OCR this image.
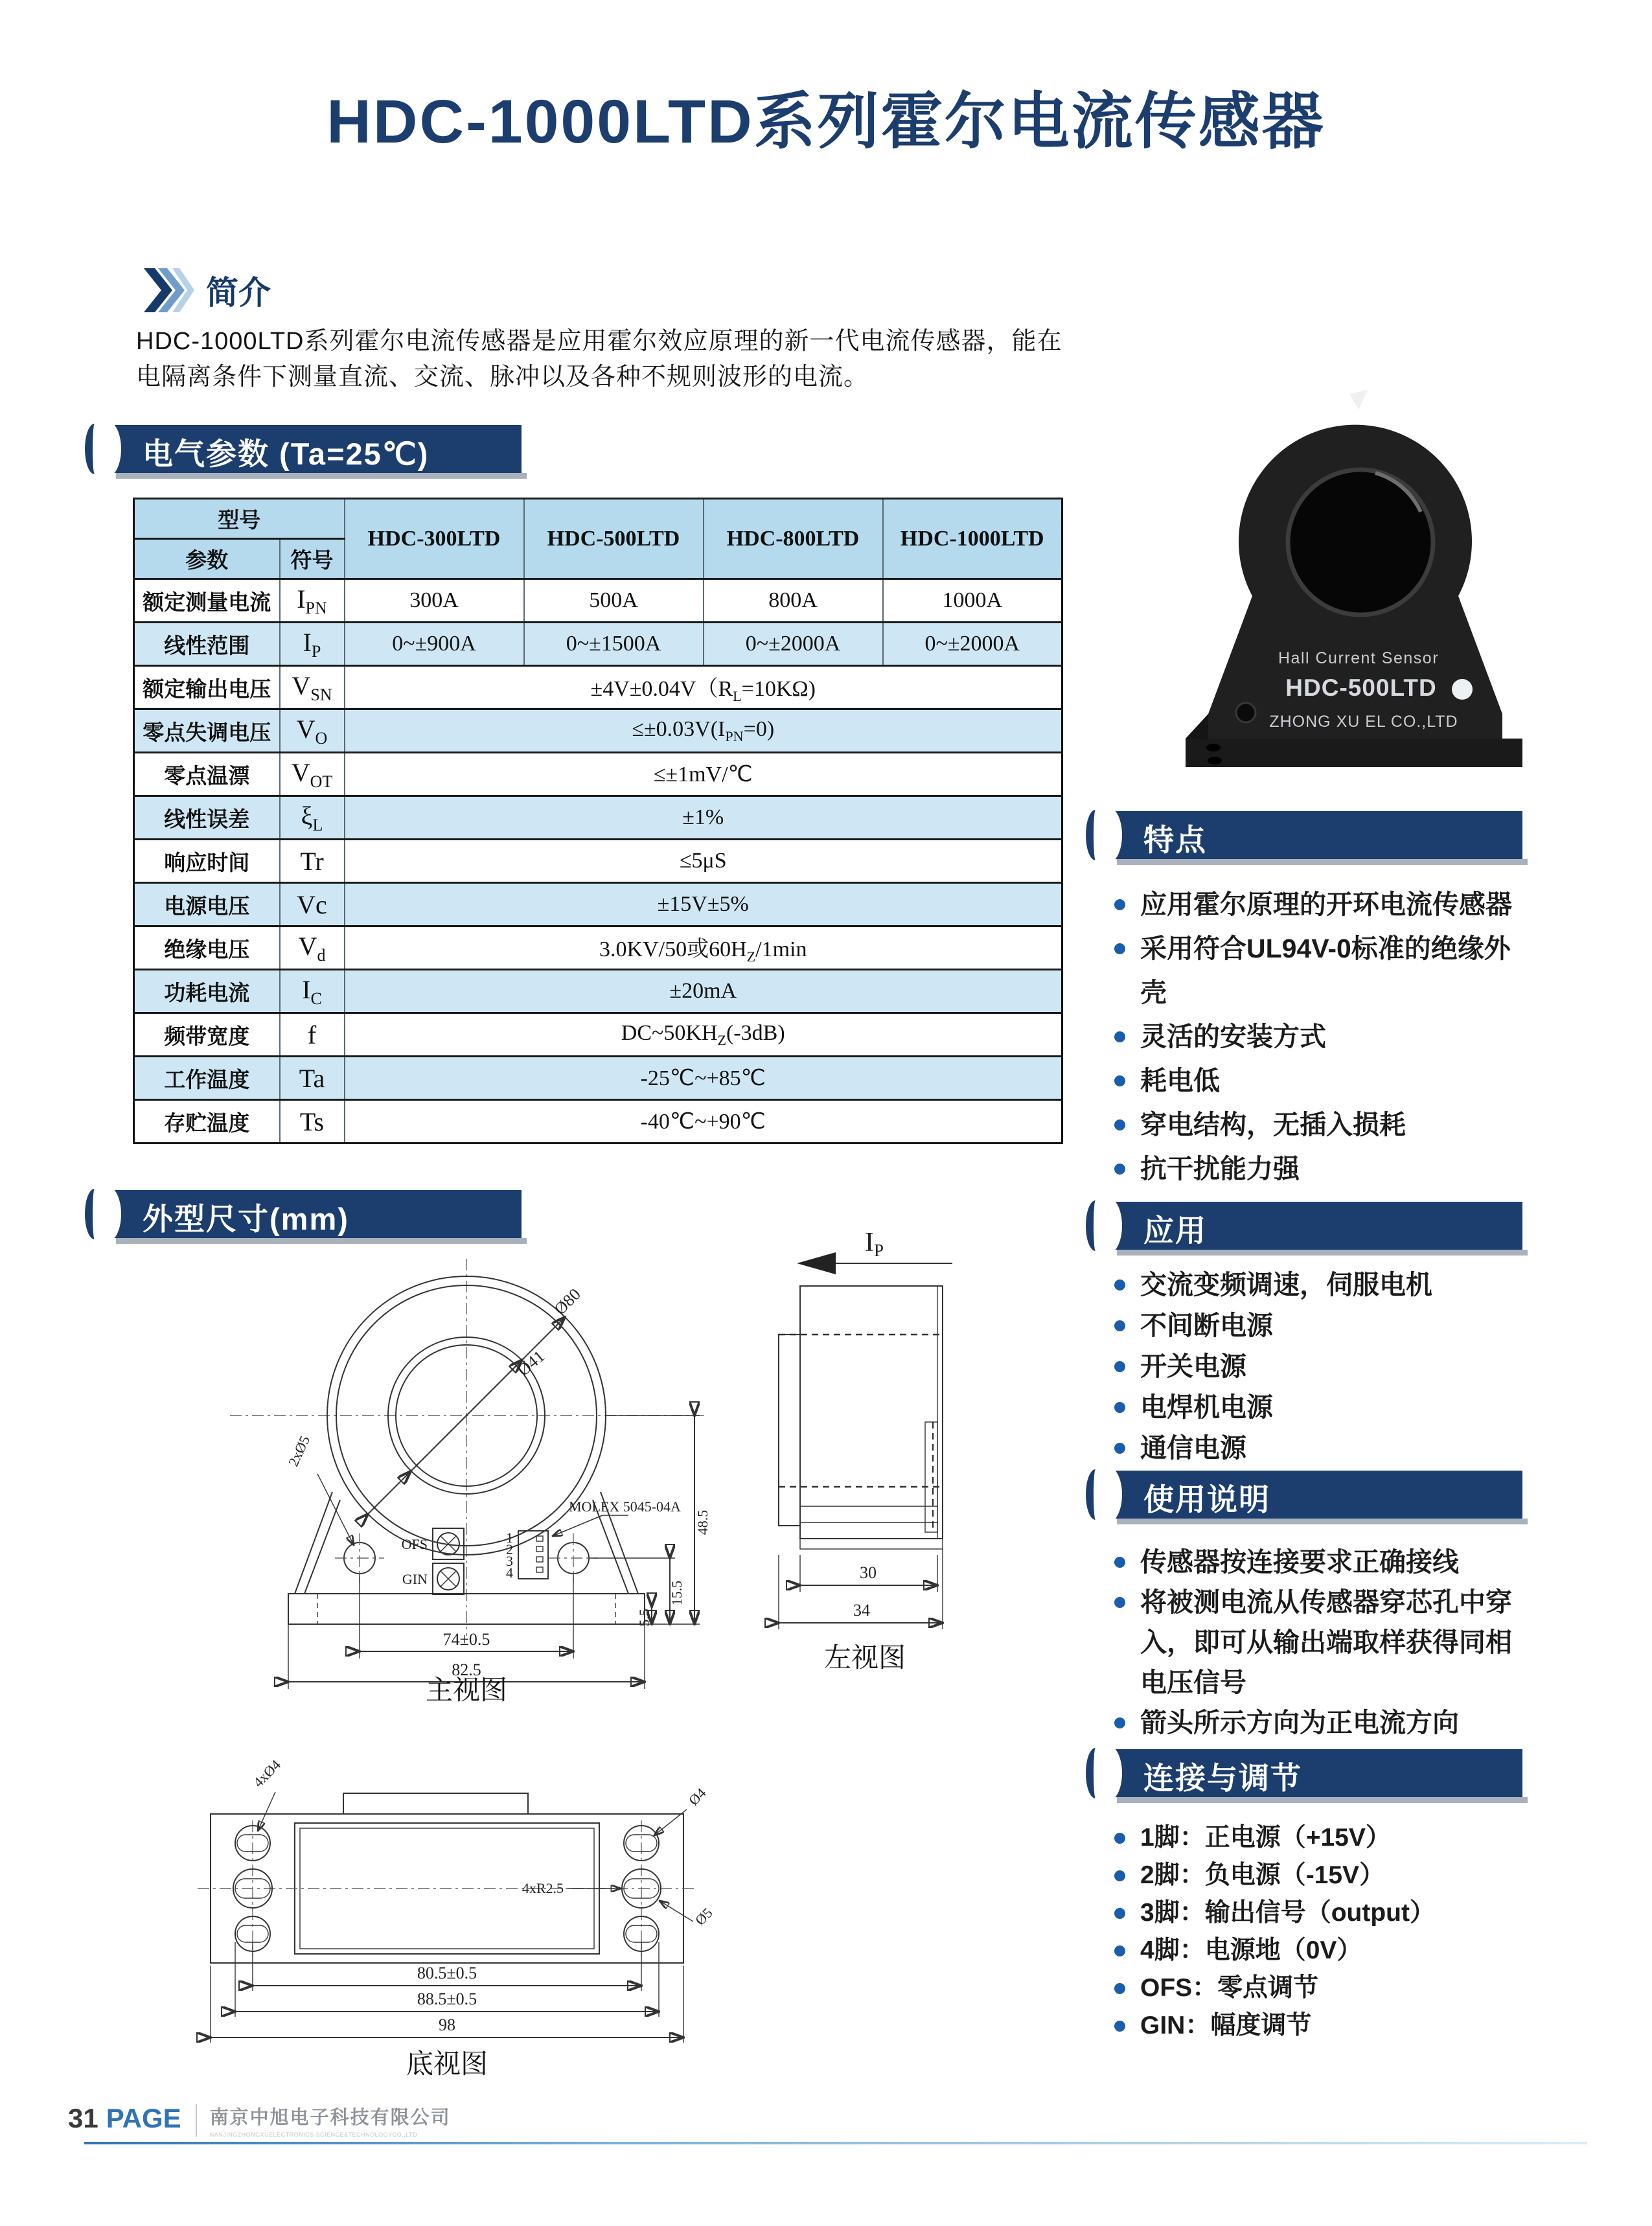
HDC-1000LTD系列霍尔电流传感器
简介
HDC-1000LTD系列霍尔电流传感器是应用霍尔效应原理的新一代电流传感器，能在电隔离条件下测量直流、交流、脉冲以及各种不规则波形的电流。
电气参数 (Ta=25℃)
型号		HDC-300LTD	HDC-500LTD	HDC-800LTD	HDC-1000LTD
参数	符号				
额定测量电流	$I_{PN}$	300A	500A	800A	1000A
线性范围	$I_P$	0~±900A	0~±1500A	0~±2000A	0~±2000A
额定输出电压	$V_{SN}$	$\pm 4V\pm 0.04V(R_L=10K\Omega)$			
零点失调电压	$V_O$	$\le\pm 0.03V(I_{PN}=0)$			
零点温漂	$V_{OT}$	≤±1mV/℃			
线性误差	$\xi_L$	±1%			
响应时间	Tr	≤5μS			
电源电压	Vc	±15V±5%			
绝缘电压	$V_d$	3.0KV/50或$60H_Z/1\min$			
功耗电流	$I_C$	±20mA			
频带宽度	f	$DC\sim 50KH_Z(-3dB)$			
工作温度	Ta	-25℃~+85℃			
存贮温度	Ts	-40℃~+90℃			
Hall Current Sensor
HDC-500LTD
ZHONG XU EL CO.,LTD
特点
应用霍尔原理的开环电流传感器
采用符合UL94V-0标准的绝缘外壳
灵活的安装方式
耗电低
穿电结构，无插入损耗
抗干扰能力强
应用
交流变频调速，伺服电机
不间断电源
开关电源
电焊机电源
通信电源
使用说明
传感器按连接要求正确接线
将被测电流从传感器穿芯孔中穿入，即可从输出端取样获得同相电压信号
箭头所示方向为正电流方向
连接与调节
1脚：正电源（+15V）
2脚：负电源（-15V）
3脚：输出信号（output）
4脚：电源地（0V）
OFS：零点调节
GIN：幅度调节
外型尺寸(mm)
Ø80
Ø41
2xØ5
OFS
GIN
1
2
3
4
MOLEX 5045-04A
74±0.5
82.5
48.5
15.5
5.5
主视图
IP
30
34
左视图
4xØ4
Ø4
4xR2.5
Ø5
80.5±0.5
88.5±0.5
98
底视图
31 PAGE 南京中旭电子科技有限公司
NANJINGZHONGXUELECTRONICS SCIENCE&TECHNOLOGYCO.,LTD
